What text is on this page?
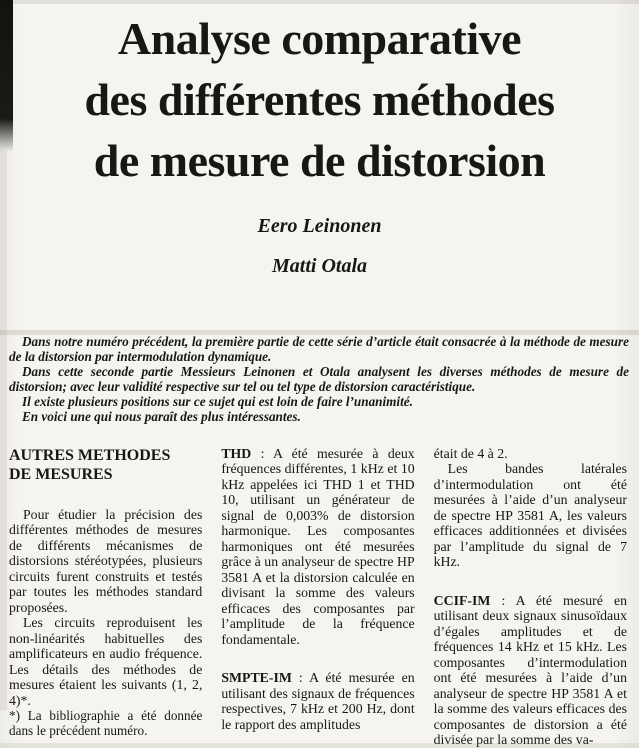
Analyse comparative
des différentes méthodes
de mesure de distorsion
Eero Leinonen
Matti Otala

Dans notre numéro précédent, la première partie de cette série d’article était consacrée à la méthode de mesure de la distorsion par intermodulation dynamique.

Dans cette seconde partie Messieurs Leinonen et Otala analysent les diverses méthodes de mesure de distorsion; avec leur validité respective sur tel ou tel type de distorsion caractéristique.

Il existe plusieurs positions sur ce sujet qui est loin de faire l’unanimité.

En voici une qui nous paraît des plus intéressantes.

AUTRES METHODES
DE MESURES

Pour étudier la précision des différentes méthodes de mesures de différents mécanismes de distorsions stéréotypées, plusieurs circuits furent construits et testés par toutes les méthodes standard proposées.

Les circuits reproduisent les non-linéarités habituelles des amplificateurs en audio fréquence. Les détails des méthodes de mesures étaient les suivants (1, 2, 4)*.

*) La bibliographie a été donnée dans le précédent numéro.

THD : A été mesurée à deux fréquences différentes, 1 kHz et 10 kHz appelées ici THD 1 et THD 10, utilisant un générateur de signal de 0,003% de distorsion harmonique. Les composantes harmoniques ont été mesurées grâce à un analyseur de spectre HP 3581 A et la distorsion calculée en divisant la somme des valeurs efficaces des composantes par l’amplitude de la fréquence fondamentale.

SMPTE-IM : A été mesurée en utilisant des signaux de fréquences respectives, 7 kHz et 200 Hz, dont le rapport des amplitudes

était de 4 à 2.

Les bandes latérales d’intermodulation ont été mesurées à l’aide d’un analyseur de spectre HP 3581 A, les valeurs efficaces additionnées et divisées par l’amplitude du signal de 7 kHz.

CCIF-IM : A été mesuré en utilisant deux signaux sinusoïdaux d’égales amplitudes et de fréquences 14 kHz et 15 kHz. Les composantes d’intermodulation ont été mesurées à l’aide d’un analyseur de spectre HP 3581 A et la somme des valeurs efficaces des composantes de distorsion a été divisée par la somme des va-
